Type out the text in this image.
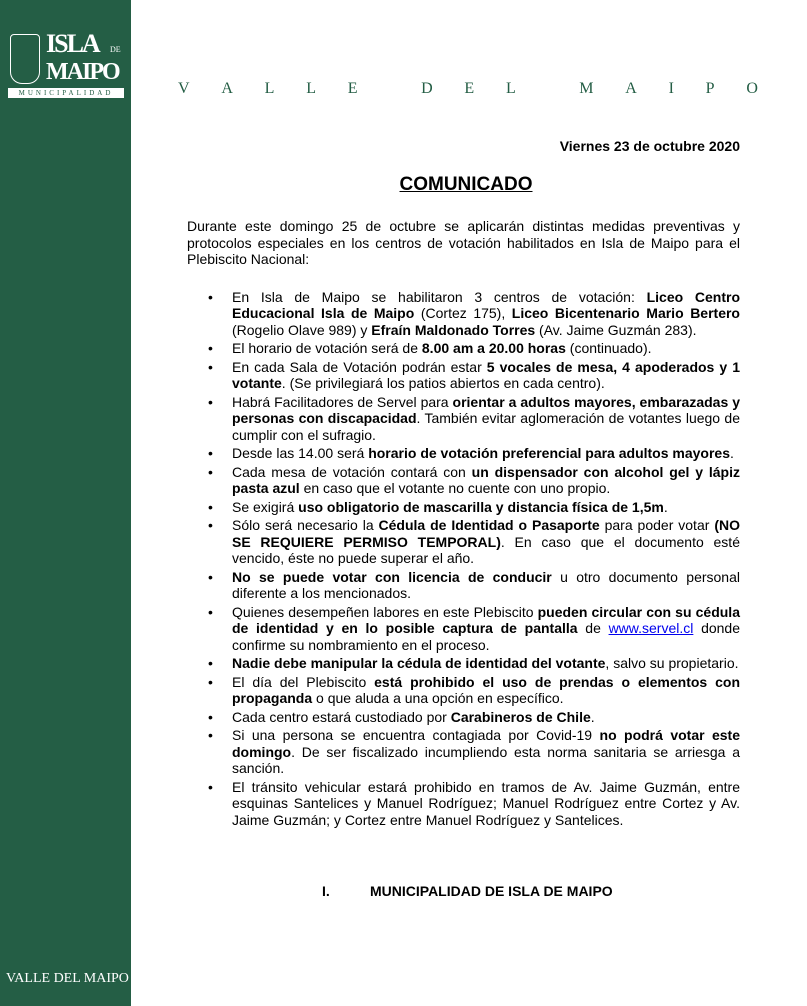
ISLA DE
MAIPO
MUNICIPALIDAD
VALLE DEL MAIPO
V A L L E	D E L	M A I P O
Viernes 23 de octubre 2020
COMUNICADO
Durante este domingo 25 de octubre se aplicarán distintas medidas preventivas y protocolos especiales en los centros de votación habilitados en Isla de Maipo para el Plebiscito Nacional:
• En Isla de Maipo se habilitaron 3 centros de votación: Liceo Centro Educacional Isla de Maipo (Cortez 175), Liceo Bicentenario Mario Bertero (Rogelio Olave 989) y Efraín Maldonado Torres (Av. Jaime Guzmán 283).
• El horario de votación será de 8.00 am a 20.00 horas (continuado).
• En cada Sala de Votación podrán estar 5 vocales de mesa, 4 apoderados y 1 votante. (Se privilegiará los patios abiertos en cada centro).
• Habrá Facilitadores de Servel para orientar a adultos mayores, embarazadas y personas con discapacidad. También evitar aglomeración de votantes luego de cumplir con el sufragio.
• Desde las 14.00 será horario de votación preferencial para adultos mayores.
• Cada mesa de votación contará con un dispensador con alcohol gel y lápiz pasta azul en caso que el votante no cuente con uno propio.
• Se exigirá uso obligatorio de mascarilla y distancia física de 1,5m.
• Sólo será necesario la Cédula de Identidad o Pasaporte para poder votar (NO SE REQUIERE PERMISO TEMPORAL). En caso que el documento esté vencido, éste no puede superar el año.
• No se puede votar con licencia de conducir u otro documento personal diferente a los mencionados.
• Quienes desempeñen labores en este Plebiscito pueden circular con su cédula de identidad y en lo posible captura de pantalla de www.servel.cl donde confirme su nombramiento en el proceso.
• Nadie debe manipular la cédula de identidad del votante, salvo su propietario.
• El día del Plebiscito está prohibido el uso de prendas o elementos con propaganda o que aluda a una opción en específico.
• Cada centro estará custodiado por Carabineros de Chile.
• Si una persona se encuentra contagiada por Covid-19 no podrá votar este domingo. De ser fiscalizado incumpliendo esta norma sanitaria se arriesga a sanción.
• El tránsito vehicular estará prohibido en tramos de Av. Jaime Guzmán, entre esquinas Santelices y Manuel Rodríguez; Manuel Rodríguez entre Cortez y Av. Jaime Guzmán; y Cortez entre Manuel Rodríguez y Santelices.
I.	MUNICIPALIDAD DE ISLA DE MAIPO
